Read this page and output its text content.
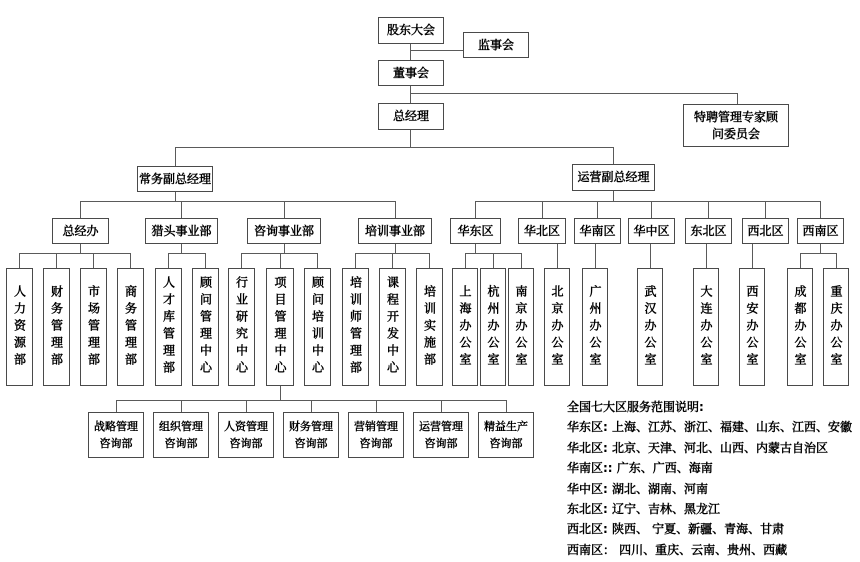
股东大会
监事会
董事会
总经理	特聘管理专家顾问委员会
常务副总经理	运营副总经理
总经办	猎头事业部	咨询事业部	培训事业部	华东区	华北区	华南区	华中区	东北区	西北区	西南区
人力资源部 财务管理部 市场管理部 商务管理部 人才库管理部 顾问管理中心 行业研究中心 项目管理中心 顾问培训中心 培训师管理部 课程开发中心 培训实施部 上海办公室 杭州办公室 南京办公室 北京办公室 广州办公室	武汉办公室	大连办公室	西安办公室	成都办公室 重庆办公室
战略管理咨询部
组织管理咨询部
人资管理咨询部
财务管理咨询部
营销管理咨询部
运营管理咨询部
精益生产咨询部
全国七大区服务范围说明:
华东区: 上海、江苏、浙江、福建、山东、江西、安徽
华北区: 北京、天津、河北、山西、内蒙古自治区
华南区:: 广东、广西、海南
华中区: 湖北、湖南、河南
东北区: 辽宁、吉林、黑龙江
西北区: 陕西、 宁夏、新疆、青海、甘肃
西南区： 四川、重庆、云南、贵州、西藏
